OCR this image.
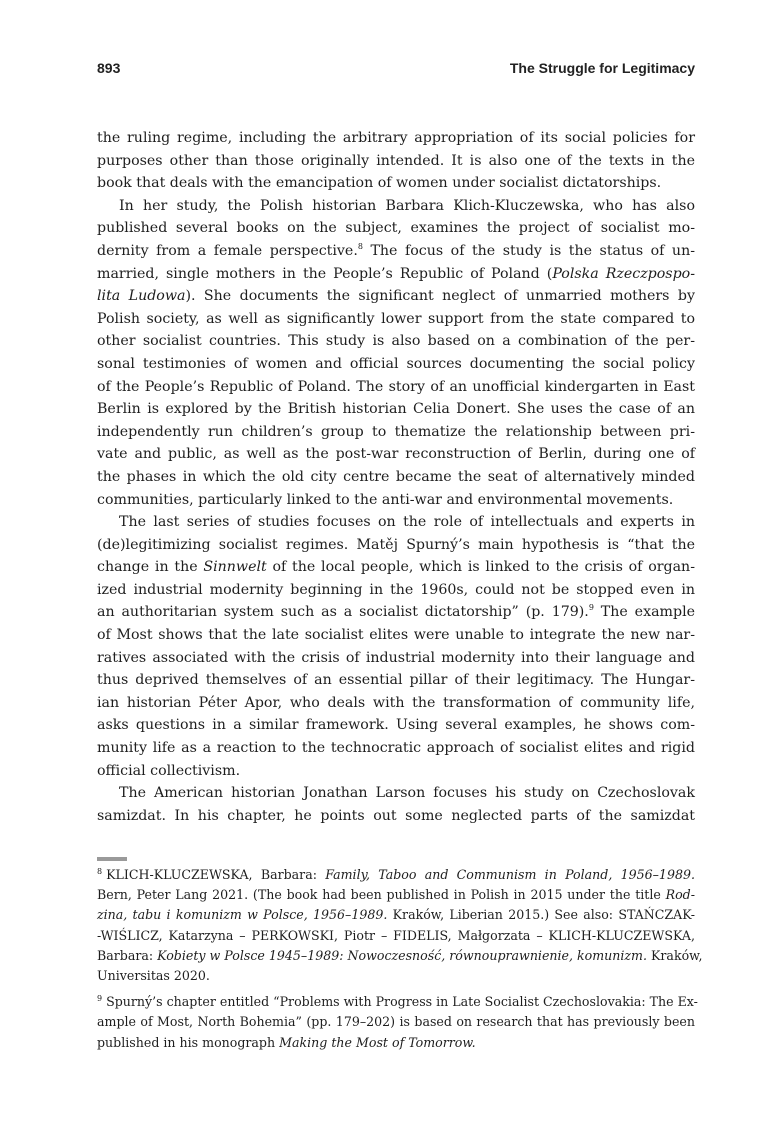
893	The Struggle for Legitimacy
the ruling regime, including the arbitrary appropriation of its social policies for
purposes other than those originally intended. It is also one of the texts in the
book that deals with the emancipation of women under socialist dictatorships.
In her study, the Polish historian Barbara Klich-Kluczewska, who has also
published several books on the subject, examines the project of socialist mo-
dernity from a female perspective.$^8$ The focus of the study is the status of un-
married, single mothers in the People’s Republic of Poland (Polska Rzeczpospo-
lita Ludowa). She documents the significant neglect of unmarried mothers by
Polish society, as well as significantly lower support from the state compared to
other socialist countries. This study is also based on a combination of the per-
sonal testimonies of women and official sources documenting the social policy
of the People’s Republic of Poland. The story of an unofficial kindergarten in East
Berlin is explored by the British historian Celia Donert. She uses the case of an
independently run children’s group to thematize the relationship between pri-
vate and public, as well as the post-war reconstruction of Berlin, during one of
the phases in which the old city centre became the seat of alternatively minded
communities, particularly linked to the anti-war and environmental movements.
The last series of studies focuses on the role of intellectuals and experts in
(de)legitimizing socialist regimes. Matěj Spurný’s main hypothesis is “that the
change in the Sinnwelt of the local people, which is linked to the crisis of organ-
ized industrial modernity beginning in the 1960s, could not be stopped even in
an authoritarian system such as a socialist dictatorship” (p. 179).$^9$ The example
of Most shows that the late socialist elites were unable to integrate the new nar-
ratives associated with the crisis of industrial modernity into their language and
thus deprived themselves of an essential pillar of their legitimacy. The Hungar-
ian historian Péter Apor, who deals with the transformation of community life,
asks questions in a similar framework. Using several examples, he shows com-
munity life as a reaction to the technocratic approach of socialist elites and rigid
official collectivism.
The American historian Jonathan Larson focuses his study on Czechoslovak
samizdat. In his chapter, he points out some neglected parts of the samizdat
$^8$ KLICH-KLUCZEWSKA, Barbara: Family, Taboo and Communism in Poland, 1956–1989.
Bern, Peter Lang 2021. (The book had been published in Polish in 2015 under the title Rod-
zina, tabu i komunizm w Polsce, 1956–1989. Kraków, Liberian 2015.) See also: STAŃCZAK-
-WIŚLICZ, Katarzyna – PERKOWSKI, Piotr – FIDELIS, Małgorzata – KLICH-KLUCZEWSKA,
Barbara: Kobiety w Polsce 1945–1989: Nowoczesność, równouprawnienie, komunizm. Kraków,
Universitas 2020.
$^9$ Spurný’s chapter entitled “Problems with Progress in Late Socialist Czechoslovakia: The Ex-
ample of Most, North Bohemia” (pp. 179–202) is based on research that has previously been
published in his monograph Making the Most of Tomorrow.
